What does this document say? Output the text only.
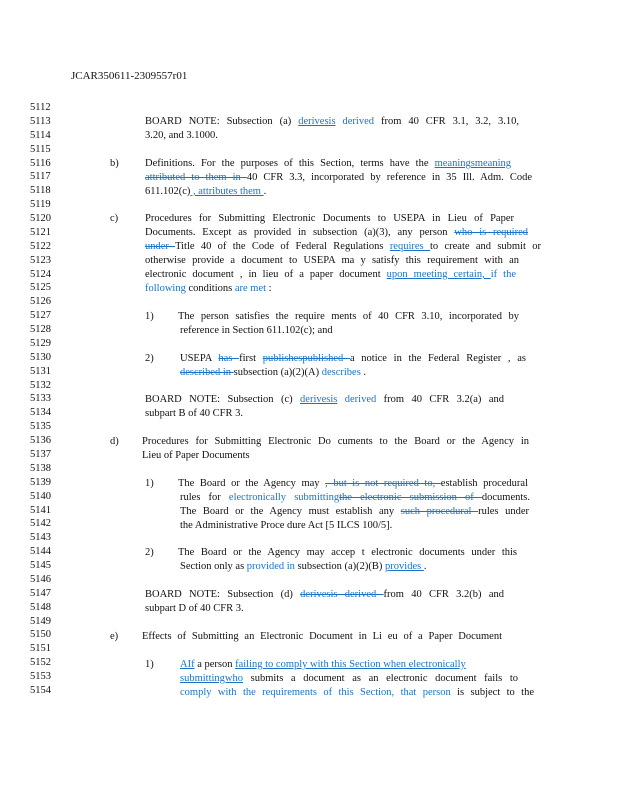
JCAR350611-2309557r01
5112
5113
5114
5115
5116
5117
5118
5119
5120
5121
5122
5123
5124
5125
5126
5127
5128
5129
5130
5131
5132
5133
5134
5135
5136
5137
5138
5139
5140
5141
5142
5143
5144
5145
5146
5147
5148
5149
5150
5151
5152
5153
5154
BOARD NOTE: Subsection (a) derivesis derived from 40 CFR 3.1, 3.2, 3.10,
3.20, and 3.1000.
b)	Definitions. For the purposes of this Section, terms have the meaningsmeaning
attributed to them in 40 CFR 3.3, incorporated by reference in 35 Ill. Adm. Code
611.102(c) , attributes them .
c)	Procedures for Submitting Electronic Documents to USEPA in Lieu of Paper
Documents. Except as provided in subsection (a)(3), any person who is required
under Title 40 of the Code of Federal Regulations requires to create and submit or
otherwise provide a document to USEPA ma y satisfy this requirement with an
electronic document , in lieu of a paper document upon meeting certain, if the
following conditions are met :
1) The person satisfies the require ments of 40 CFR 3.10, incorporated by
reference in Section 611.102(c); and
2)	USEPA has first publishespublished a notice in the Federal Register , as
described in subsection (a)(2)(A) describes .
BOARD NOTE: Subsection (c) derivesis derived from 40 CFR 3.2(a) and
subpart B of 40 CFR 3.
d) Procedures for Submitting Electronic Do cuments to the Board or the Agency in
Lieu of Paper Documents
1) The Board or the Agency may , but is not required to, establish procedural
rules for electronically submittingthe electronic submission of documents.
The Board or the Agency must establish any such procedural rules under
the Administrative Proce dure Act [5 ILCS 100/5].
2) The Board or the Agency may accep t electronic documents under this
Section only as provided in subsection (a)(2)(B) provides .
BOARD NOTE: Subsection (d) derivesis derived from 40 CFR 3.2(b) and
subpart D of 40 CFR 3.
e) Effects of Submitting an Electronic Document in Li eu of a Paper Document
1)	AIf a person failing to comply with this Section when electronically
submittingwho submits a document as an electronic document fails to
comply with the requirements of this Section, that person is subject to the
